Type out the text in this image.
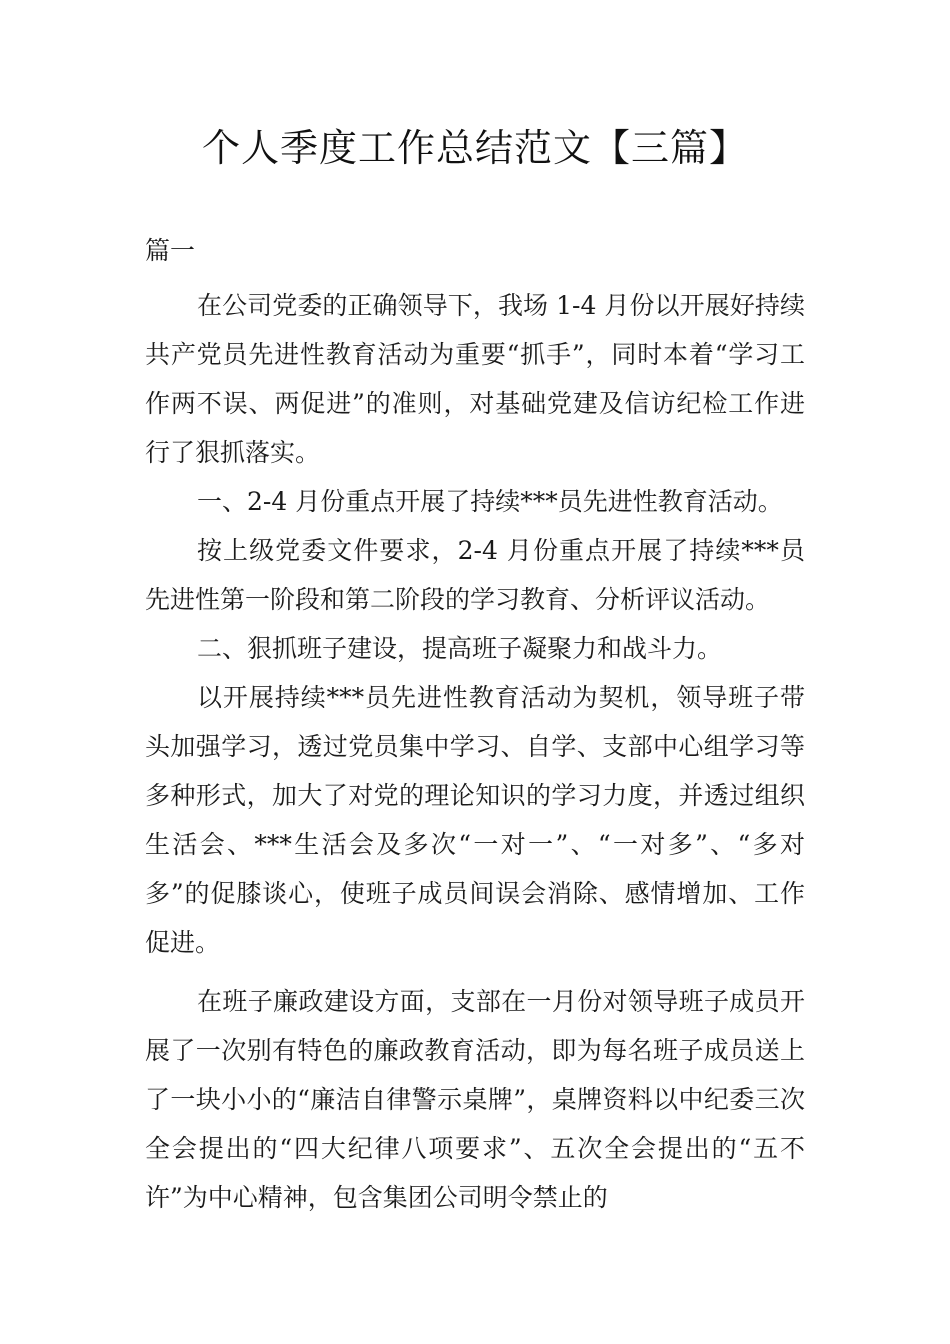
个人季度工作总结范文【三篇】

篇一

在公司党委的正确领导下，我场 1-4 月份以开展好持续共产党员先进性教育活动为重要“抓手”，同时本着“学习工作两不误、两促进”的准则，对基础党建及信访纪检工作进行了狠抓落实。

一、2-4 月份重点开展了持续***员先进性教育活动。

按上级党委文件要求，2-4 月份重点开展了持续***员先进性第一阶段和第二阶段的学习教育、分析评议活动。

二、狠抓班子建设，提高班子凝聚力和战斗力。

以开展持续***员先进性教育活动为契机，领导班子带头加强学习，透过党员集中学习、自学、支部中心组学习等多种形式，加大了对党的理论知识的学习力度，并透过组织生活会、***生活会及多次“一对一”、“一对多”、“多对多”的促膝谈心，使班子成员间误会消除、感情增加、工作促进。

在班子廉政建设方面，支部在一月份对领导班子成员开展了一次别有特色的廉政教育活动，即为每名班子成员送上了一块小小的“廉洁自律警示桌牌”，桌牌资料以中纪委三次全会提出的“四大纪律八项要求”、五次全会提出的“五不许”为中心精神，包含集团公司明令禁止的
